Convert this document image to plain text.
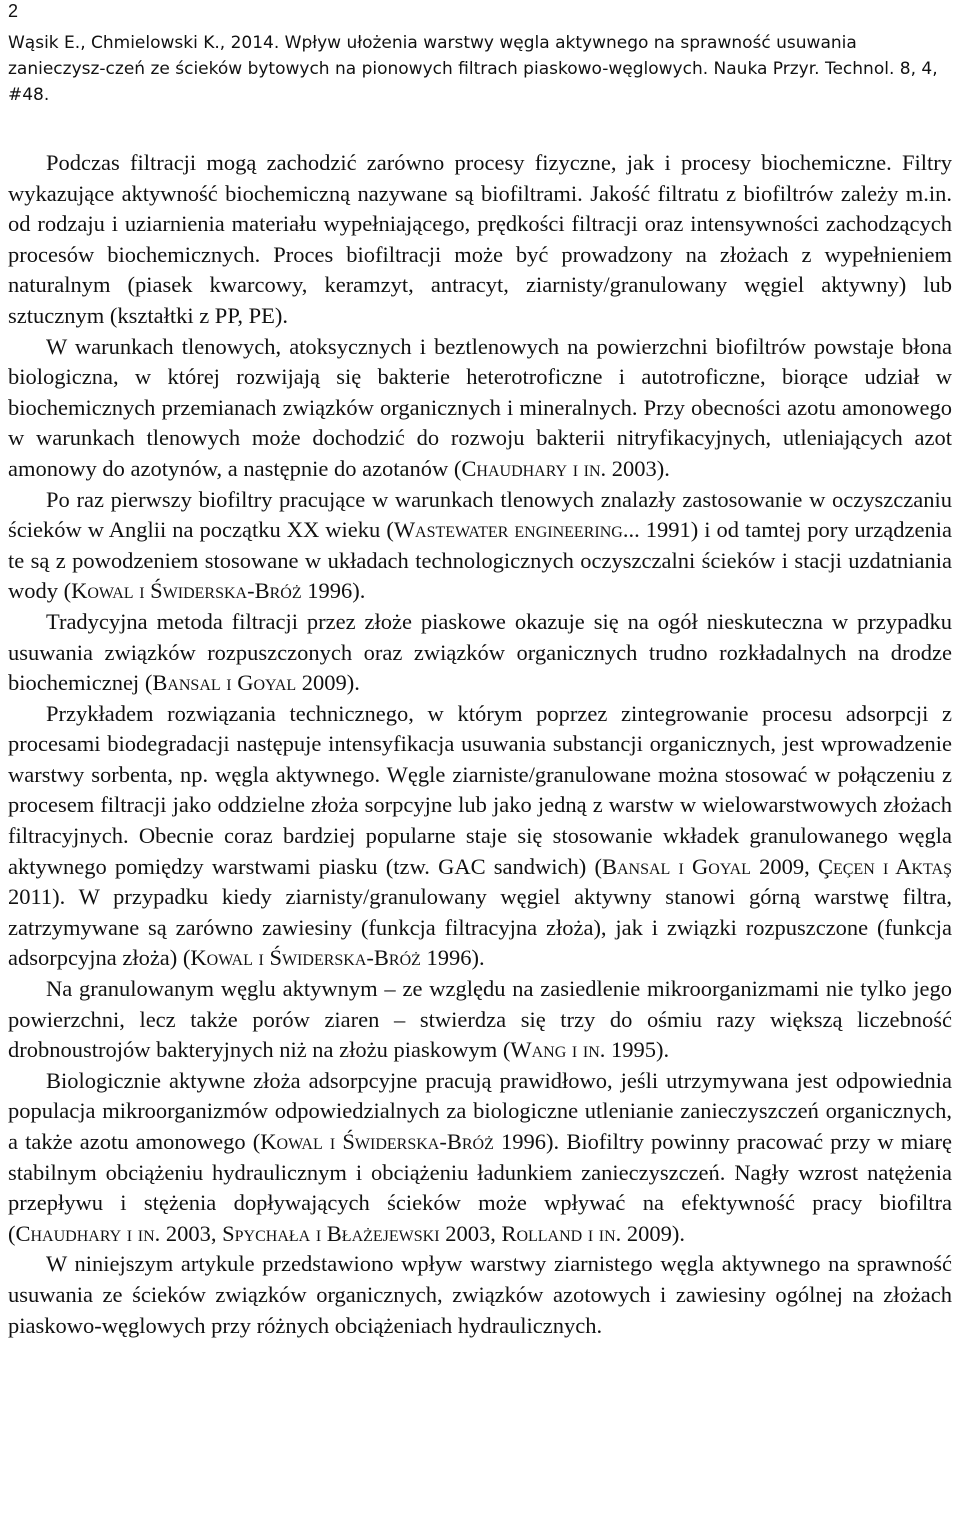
2
Wąsik E., Chmielowski K., 2014. Wpływ ułożenia warstwy węgla aktywnego na sprawność usuwania zanieczysz-czeń ze ścieków bytowych na pionowych filtrach piaskowo-węglowych. Nauka Przyr. Technol. 8, 4, #48.

Podczas filtracji mogą zachodzić zarówno procesy fizyczne, jak i procesy biochemiczne. Filtry wykazujące aktywność biochemiczną nazywane są biofiltrami. Jakość filtratu z biofiltrów zależy m.in. od rodzaju i uziarnienia materiału wypełniającego, prędkości filtracji oraz intensywności zachodzących procesów biochemicznych. Proces biofiltracji może być prowadzony na złożach z wypełnieniem naturalnym (piasek kwarcowy, keramzyt, antracyt, ziarnisty/granulowany węgiel aktywny) lub sztucznym (kształtki z PP, PE).

W warunkach tlenowych, atoksycznych i beztlenowych na powierzchni biofiltrów powstaje błona biologiczna, w której rozwijają się bakterie heterotroficzne i autotroficzne, biorące udział w biochemicznych przemianach związków organicznych i mineralnych. Przy obecności azotu amonowego w warunkach tlenowych może dochodzić do rozwoju bakterii nitryfikacyjnych, utleniających azot amonowy do azotynów, a następnie do azotanów (Chaudhary i in. 2003).

Po raz pierwszy biofiltry pracujące w warunkach tlenowych znalazły zastosowanie w oczyszczaniu ścieków w Anglii na początku XX wieku (Wastewater engineering... 1991) i od tamtej pory urządzenia te są z powodzeniem stosowane w układach technologicznych oczyszczalni ścieków i stacji uzdatniania wody (Kowal i Świderska-Bróż 1996).

Tradycyjna metoda filtracji przez złoże piaskowe okazuje się na ogół nieskuteczna w przypadku usuwania związków rozpuszczonych oraz związków organicznych trudno rozkładalnych na drodze biochemicznej (Bansal i Goyal 2009).

Przykładem rozwiązania technicznego, w którym poprzez zintegrowanie procesu adsorpcji z procesami biodegradacji następuje intensyfikacja usuwania substancji organicznych, jest wprowadzenie warstwy sorbenta, np. węgla aktywnego. Węgle ziarniste/granulowane można stosować w połączeniu z procesem filtracji jako oddzielne złoża sorpcyjne lub jako jedną z warstw w wielowarstwowych złożach filtracyjnych. Obecnie coraz bardziej popularne staje się stosowanie wkładek granulowanego węgla aktywnego pomiędzy warstwami piasku (tzw. GAC sandwich) (Bansal i Goyal 2009, Çeçen i Aktaş 2011). W przypadku kiedy ziarnisty/granulowany węgiel aktywny stanowi górną warstwę filtra, zatrzymywane są zarówno zawiesiny (funkcja filtracyjna złoża), jak i związki rozpuszczone (funkcja adsorpcyjna złoża) (Kowal i Świderska-Bróż 1996).

Na granulowanym węglu aktywnym – ze względu na zasiedlenie mikroorganizmami nie tylko jego powierzchni, lecz także porów ziaren – stwierdza się trzy do ośmiu razy większą liczebność drobnoustrojów bakteryjnych niż na złożu piaskowym (Wang i in. 1995).

Biologicznie aktywne złoża adsorpcyjne pracują prawidłowo, jeśli utrzymywana jest odpowiednia populacja mikroorganizmów odpowiedzialnych za biologiczne utlenianie zanieczyszczeń organicznych, a także azotu amonowego (Kowal i Świderska-Bróż 1996). Biofiltry powinny pracować przy w miarę stabilnym obciążeniu hydraulicznym i obciążeniu ładunkiem zanieczyszczeń. Nagły wzrost natężenia przepływu i stężenia dopływających ścieków może wpływać na efektywność pracy biofiltra (Chaudhary i in. 2003, Spychała i Błażejewski 2003, Rolland i in. 2009).

W niniejszym artykule przedstawiono wpływ warstwy ziarnistego węgla aktywnego na sprawność usuwania ze ścieków związków organicznych, związków azotowych i zawiesiny ogólnej na złożach piaskowo-węglowych przy różnych obciążeniach hydraulicznych.
